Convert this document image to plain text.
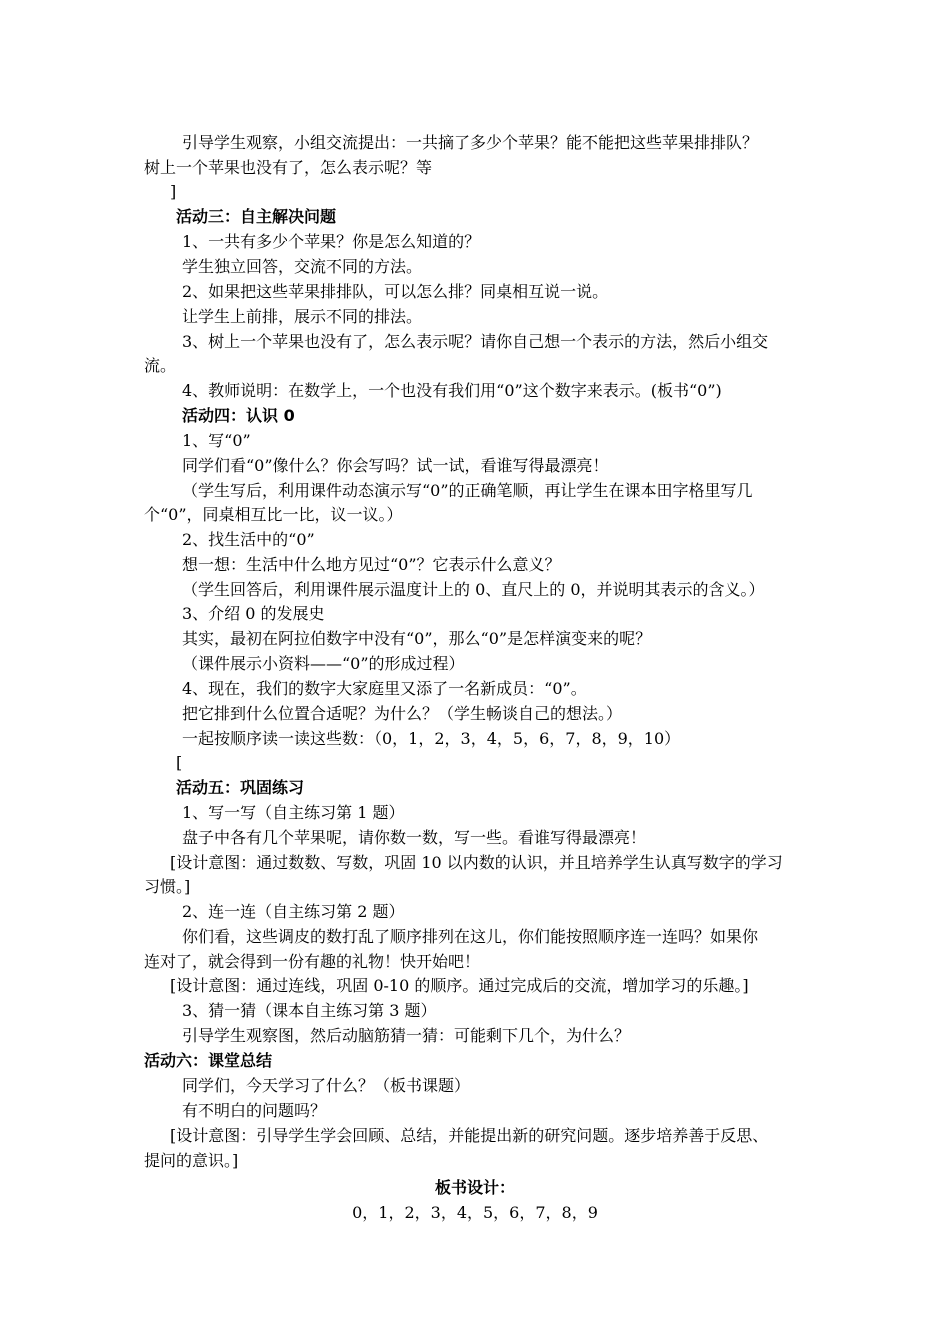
引导学生观察，小组交流提出：一共摘了多少个苹果？能不能把这些苹果排排队？
树上一个苹果也没有了，怎么表示呢？等
]
活动三：自主解决问题
1、一共有多少个苹果？你是怎么知道的？
学生独立回答，交流不同的方法。
2、如果把这些苹果排排队，可以怎么排？同桌相互说一说。
让学生上前排，展示不同的排法。
3、树上一个苹果也没有了，怎么表示呢？请你自己想一个表示的方法，然后小组交
流。
4、教师说明：在数学上，一个也没有我们用“0”这个数字来表示。(板书“0”)
活动四：认识 0
1、写“0”
同学们看“0”像什么？你会写吗？试一试，看谁写得最漂亮！
（学生写后，利用课件动态演示写“0”的正确笔顺，再让学生在课本田字格里写几
个“0”，同桌相互比一比，议一议。）
2、找生活中的“0”
想一想：生活中什么地方见过“0”？它表示什么意义？
（学生回答后，利用课件展示温度计上的 0、直尺上的 0，并说明其表示的含义。）
3、介绍 0 的发展史
其实，最初在阿拉伯数字中没有“0”，那么“0”是怎样演变来的呢？
（课件展示小资料——“0”的形成过程）
4、现在，我们的数字大家庭里又添了一名新成员：“0”。
把它排到什么位置合适呢？为什么？（学生畅谈自己的想法。）
一起按顺序读一读这些数：（0，1，2，3，4，5，6，7，8，9，10）
[
活动五：巩固练习
1、写一写（自主练习第 1 题）
盘子中各有几个苹果呢，请你数一数，写一些。看谁写得最漂亮！
[设计意图：通过数数、写数，巩固 10 以内数的认识，并且培养学生认真写数字的学习
习惯。]
2、连一连（自主练习第 2 题）
你们看，这些调皮的数打乱了顺序排列在这儿，你们能按照顺序连一连吗？如果你
连对了，就会得到一份有趣的礼物！快开始吧！
[设计意图：通过连线，巩固 0-10 的顺序。通过完成后的交流，增加学习的乐趣。]
3、猜一猜（课本自主练习第 3 题）
引导学生观察图，然后动脑筋猜一猜：可能剩下几个，为什么？
活动六：课堂总结
同学们，今天学习了什么？（板书课题）
有不明白的问题吗？
[设计意图：引导学生学会回顾、总结，并能提出新的研究问题。逐步培养善于反思、
提问的意识。]
板书设计：
0，1，2，3，4，5，6，7，8，9
